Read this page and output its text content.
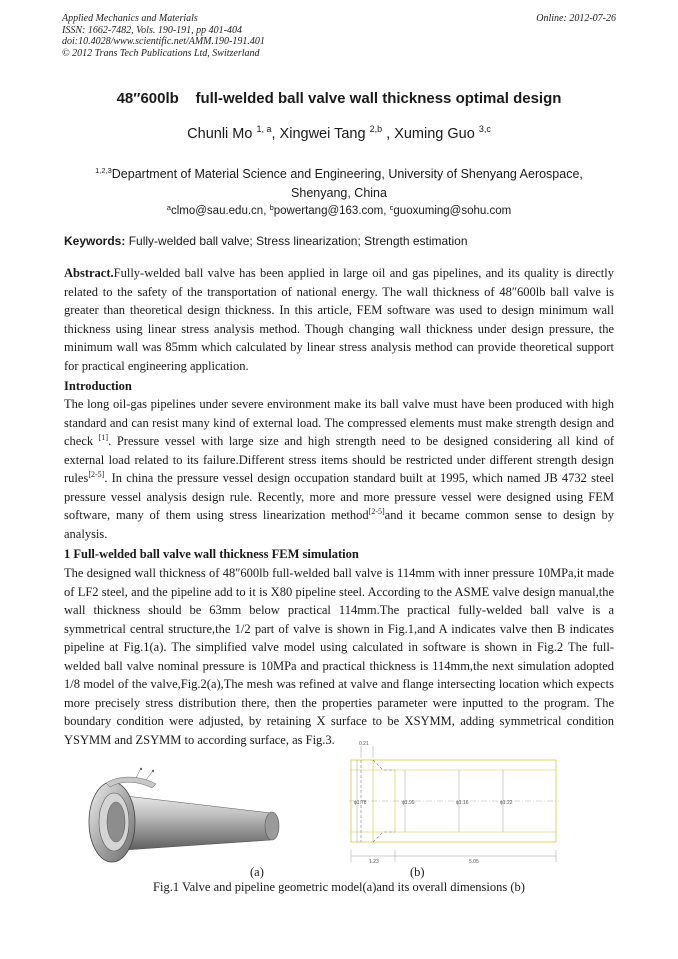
Applied Mechanics and Materials
ISSN: 1662-7482, Vols. 190-191, pp 401-404
doi:10.4028/www.scientific.net/AMM.190-191.401
© 2012 Trans Tech Publications Ltd, Switzerland
Online: 2012-07-26
48″600lb    full-welded ball valve wall thickness optimal design
Chunli Mo $^{1, a}$, Xingwei Tang $^{2,b}$ , Xuming Guo $^{3,c}$
$^{1,2,3}$Department of Material Science and Engineering, University of Shenyang Aerospace,
Shenyang, China
$^a$clmo@sau.edu.cn, $^b$powertang@163.com, $^c$guoxuming@sohu.com
Keywords: Fully-welded ball valve; Stress linearization; Strength estimation

Abstract.Fully-welded ball valve has been applied in large oil and gas pipelines, and its quality is directly related to the safety of the transportation of national energy. The wall thickness of 48″600lb ball valve is greater than theoretical design thickness. In this article, FEM software was used to design minimum wall thickness using linear stress analysis method. Though changing wall thickness under design pressure, the minimum wall was 85mm which calculated by linear stress analysis method can provide theoretical support for practical engineering application.

Introduction

The long oil-gas pipelines under severe environment make its ball valve must have been produced with high standard and can resist many kind of external load. The compressed elements must make strength design and check [1]. Pressure vessel with large size and high strength need to be designed considering all kind of external load related to its failure.Different stress items should be restricted under different strength design rules[2-5]. In china the pressure vessel design occupation standard built at 1995, which named JB 4732 steel pressure vessel analysis design rule. Recently, more and more pressure vessel were designed using FEM software, many of them using stress linearization method[2-5]and it became common sense to design by analysis.

1 Full-welded ball valve wall thickness FEM simulation

The designed wall thickness of 48″600lb full-welded ball valve is 114mm with inner pressure 10MPa,it made of LF2 steel, and the pipeline add to it is X80 pipeline steel. According to the ASME valve design manual,the wall thickness should be 63mm below practical 114mm.The practical fully-welded ball valve is a symmetrical central structure,the 1/2 part of valve is shown in Fig.1,and A indicates valve then B indicates pipeline at Fig.1(a). The simplified valve model using calculated in software is shown in Fig.2 The full-welded ball valve nominal pressure is 10MPa and practical thickness is 114mm,the next simulation adopted 1/8 model of the valve,Fig.2(a),The mesh was refined at valve and flange intersecting location which expects more precisely stress distribution there, then the properties parameter were inputted to the program. The boundary condition were adjusted, by retaining X surface to be XSYMM, adding symmetrical condition YSYMM and ZSYMM to according surface, as Fig.3.	0.21
ϕ1.78	ϕ1.99	ϕ1.16	ϕ1.22
1.23	5.05
(a)	(b)
Fig.1 Valve and pipeline geometric model(a)and its overall dimensions (b)
